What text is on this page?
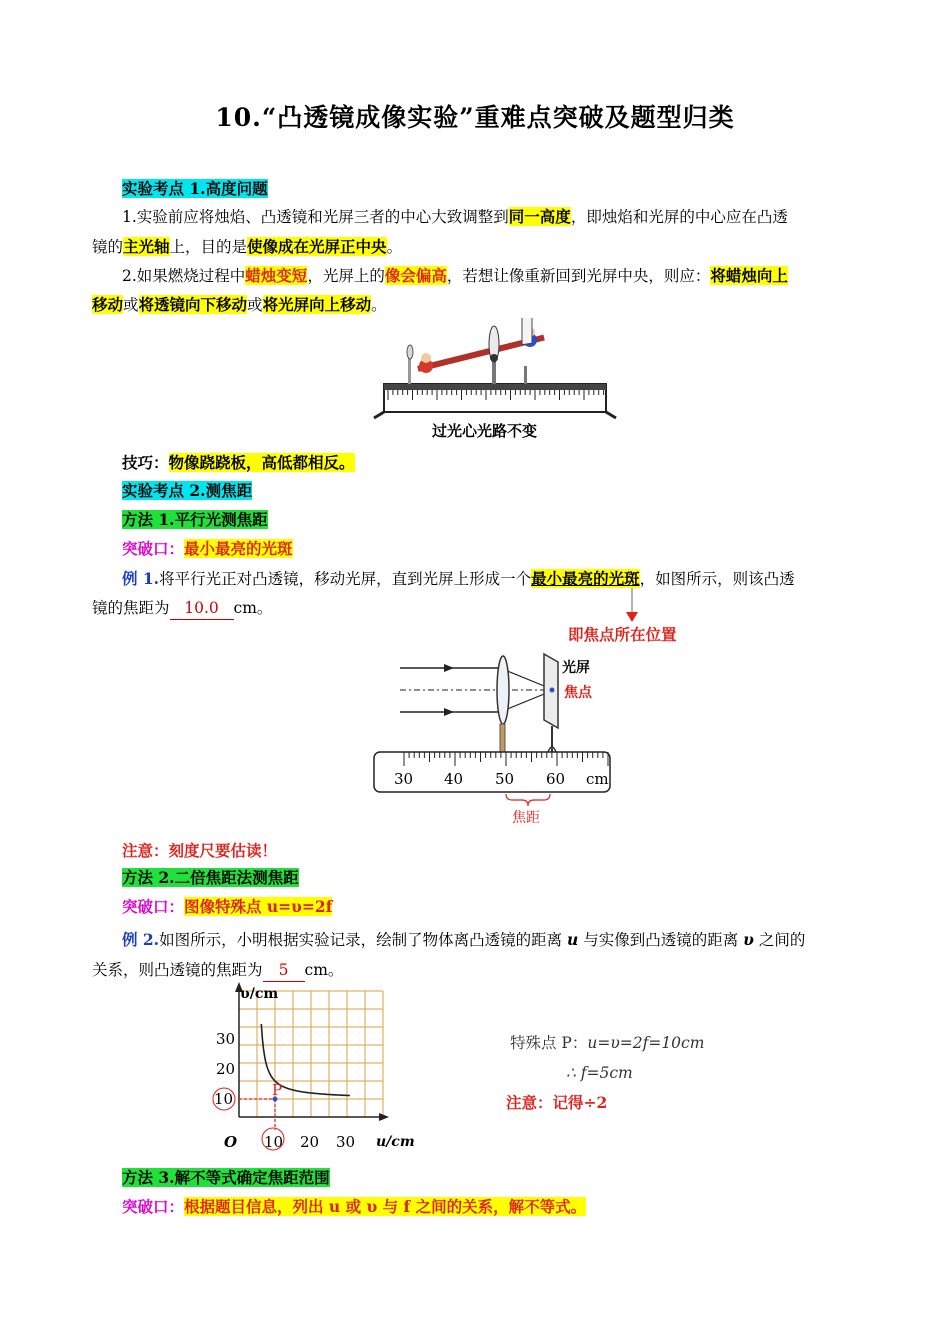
10.“凸透镜成像实验”重难点突破及题型归类
实验考点 1.高度问题
1.实验前应将烛焰、凸透镜和光屏三者的中心大致调整到同一高度，即烛焰和光屏的中心应在凸透
镜的主光轴上，目的是使像成在光屏正中央。
2.如果燃烧过程中蜡烛变短，光屏上的像会偏高，若想让像重新回到光屏中央，则应：将蜡烛向上
移动或将透镜向下移动或将光屏向上移动。
过光心光路不变
技巧：物像跷跷板，高低都相反。
实验考点 2.测焦距
方法 1.平行光测焦距
突破口：最小最亮的光斑
例 1.将平行光正对凸透镜，移动光屏，直到光屏上形成一个最小最亮的光斑，如图所示，则该凸透
镜的焦距为 10.0 cm。
即焦点所在位置
光屏
焦点
30 40 50 60 cm
焦距
注意：刻度尺要估读！
方法 2.二倍焦距法测焦距
突破口：图像特殊点 u=υ=2f
例 2.如图所示，小明根据实验记录，绘制了物体离凸透镜的距离 u 与实像到凸透镜的距离 υ 之间的
关系，则凸透镜的焦距为 5 cm。
υ/cm
30
20
10	P
O 10 20 30 u/cm
特殊点 P：u=υ=2f=10cm
∴ f=5cm
注意：记得÷2
方法 3.解不等式确定焦距范围
突破口：根据题目信息，列出 u 或 υ 与 f 之间的关系，解不等式。
